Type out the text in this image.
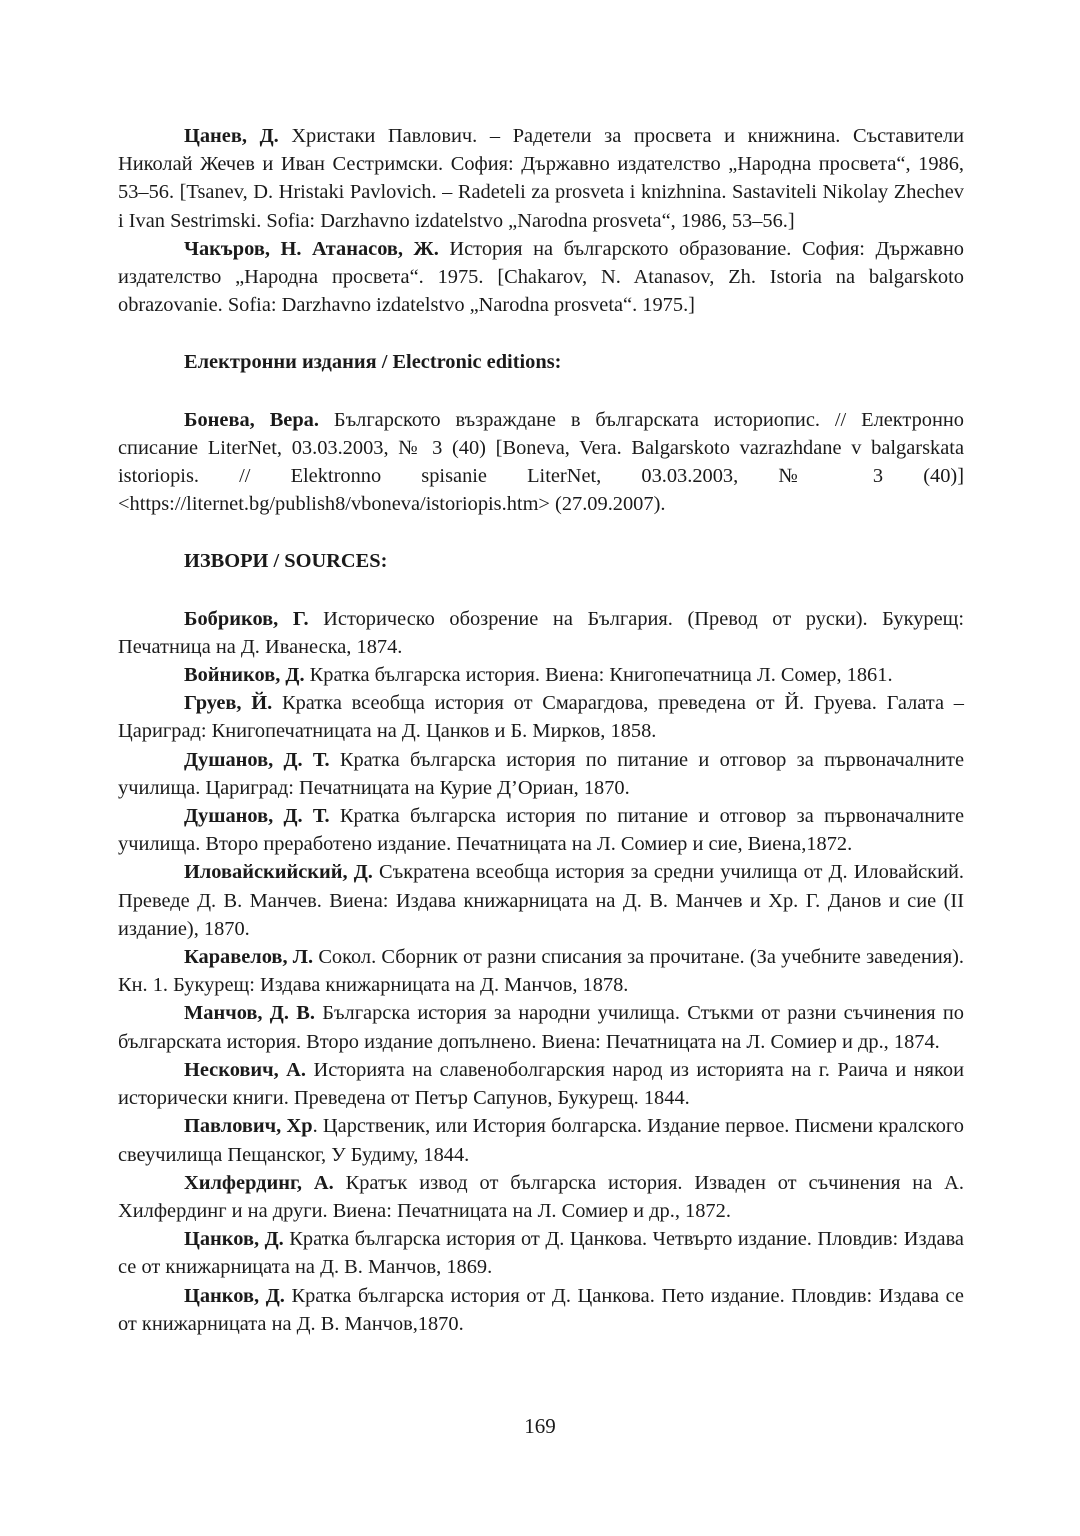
Цанев, Д. Христаки Павлович. – Радетели за просвета и книжнина. Съставители Николай Жечев и Иван Сестримски. София: Държавно издателство „Народна просвета“, 1986, 53–56. [Tsanev, D. Hristaki Pavlovich. – Radeteli za prosveta i knizhnina. Sastaviteli Nikolay Zhechev i Ivan Sestrimski. Sofia: Darzhavno izdatelstvo „Narodna prosveta“, 1986, 53–56.]

Чакъров, Н. Атанасов, Ж. История на българското образование. София: Държавно издателство „Народна просвета“. 1975. [Chakarov, N. Atanasov, Zh. Istoria na balgarskoto obrazovanie. Sofia: Darzhavno izdatelstvo „Narodna prosveta“. 1975.]

Електронни издания / Electronic editions:

Бонева, Вера. Българското възраждане в българската историопис. // Електронно списание LiterNet, 03.03.2003, № 3 (40) [Boneva, Vera. Balgarskoto vazrazhdane v balgarskata istoriopis. // Elektronno spisanie LiterNet, 03.03.2003, № 3 (40)] <https://liternet.bg/publish8/vboneva/istoriopis.htm> (27.09.2007).

ИЗВОРИ / SOURCES:

Бобриков, Г. Историческо обозрение на България. (Превод от руски). Букурещ: Печатница на Д. Иванеска, 1874.

Войников, Д. Кратка българска история. Виена: Книгопечатница Л. Сомер, 1861.

Груев, Й. Кратка всеобща история от Смарагдова, преведена от Й. Груева. Галата – Цариград: Книгопечатницата на Д. Цанков и Б. Мирков, 1858.

Душанов, Д. Т. Кратка българска история по питание и отговор за първоначалните училища. Цариград: Печатницата на Курие Д’Ориан, 1870.

Душанов, Д. Т. Кратка българска история по питание и отговор за първоначалните училища. Второ преработено издание. Печатницата на Л. Сомиер и сие, Виена,1872.

Иловайскийский, Д. Съкратена всеобща история за средни училища от Д. Иловайский. Преведе Д. В. Манчев. Виена: Издава книжарницата на Д. В. Манчев и Хр. Г. Данов и сие (II издание), 1870.

Каравелов, Л. Сокол. Сборник от разни списания за прочитане. (За учебните заведения). Кн. 1. Букурещ: Издава книжарницата на Д. Манчов, 1878.

Манчов, Д. В. Българска история за народни училища. Стъкми от разни съчинения по българската история. Второ издание допълнено. Виена: Печатницата на Л. Сомиер и др., 1874.

Нескович, А. Историята на славеноболгарския народ из историята на г. Раича и някои исторически книги. Преведена от Петър Сапунов, Букурещ. 1844.

Павлович, Хр. Царственик, или История болгарска. Издание первое. Писмени кралского свеучилища Пещанског, У Будиму, 1844.

Хилфердинг, А. Кратък извод от българска история. Изваден от съчинения на А. Хилфердинг и на други. Виена: Печатницата на Л. Сомиер и др., 1872.

Цанков, Д. Кратка българска история от Д. Цанкова. Четвърто издание. Пловдив: Издава се от книжарницата на Д. В. Манчов, 1869.

Цанков, Д. Кратка българска история от Д. Цанкова. Пето издание. Пловдив: Издава се от книжарницата на Д. В. Манчов,1870.

169
